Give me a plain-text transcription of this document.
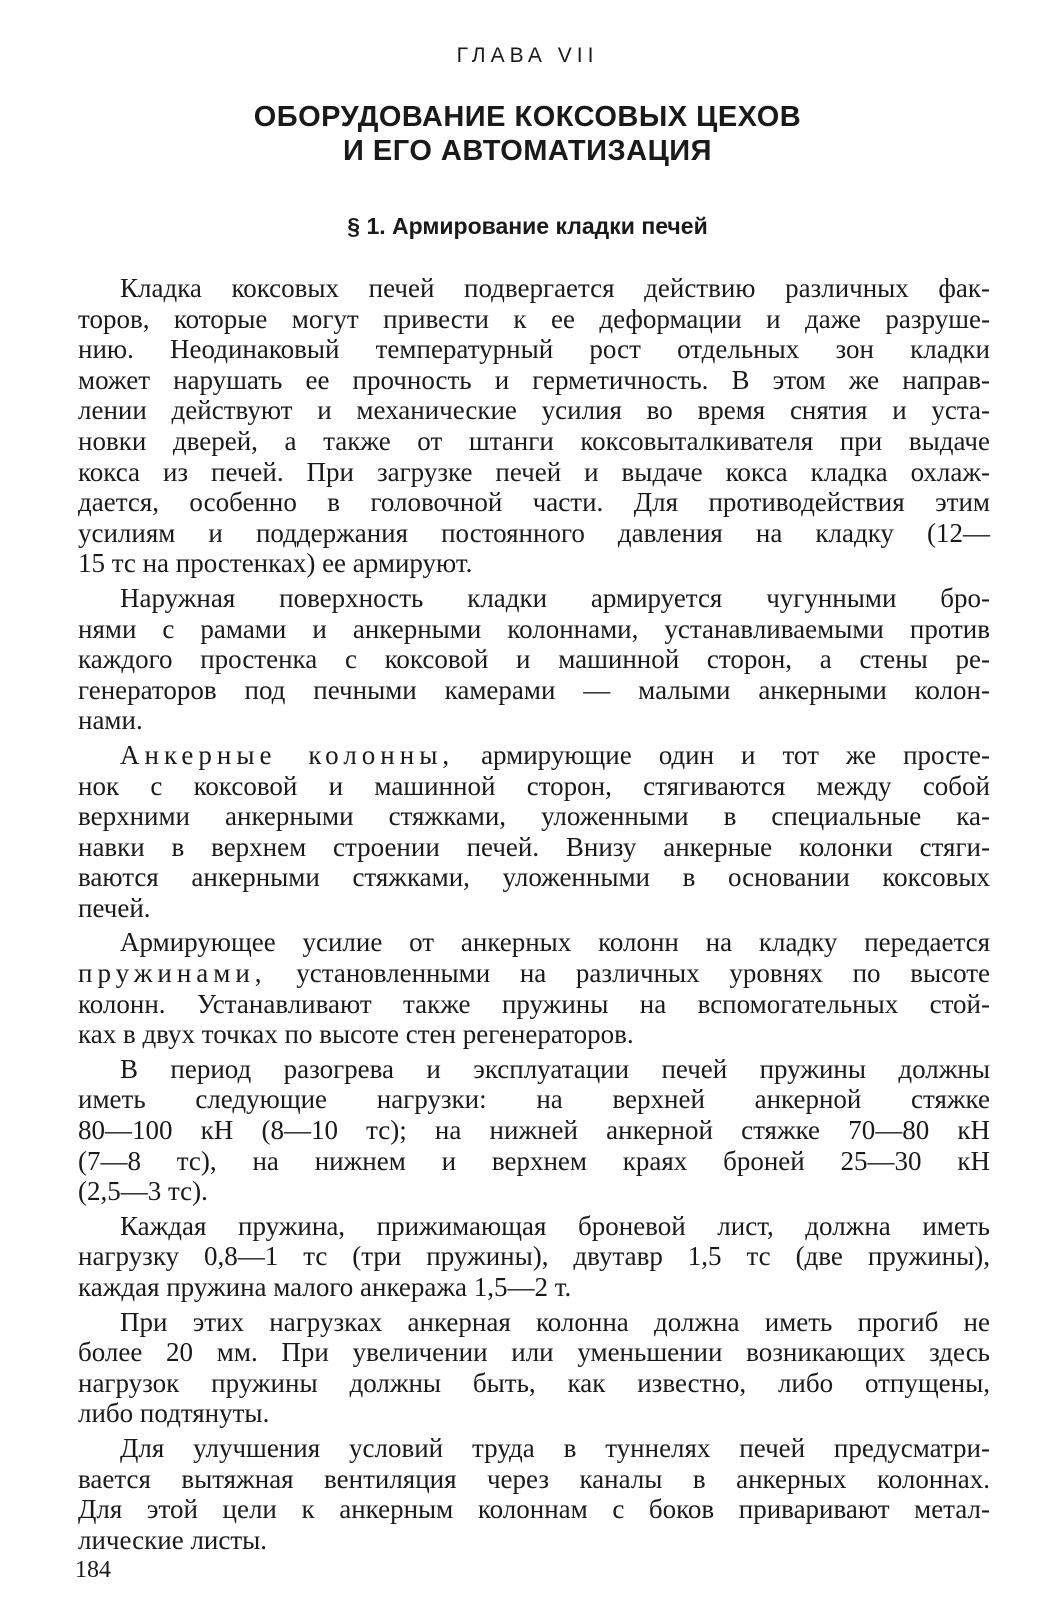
ГЛАВА VII
ОБОРУДОВАНИЕ КОКСОВЫХ ЦЕХОВ
И ЕГО АВТОМАТИЗАЦИЯ
§ 1. Армирование кладки печей
Кладка коксовых печей подвергается действию различных фак-
торов, которые могут привести к ее деформации и даже разруше-
нию. Неодинаковый температурный рост отдельных зон кладки
может нарушать ее прочность и герметичность. В этом же направ-
лении действуют и механические усилия во время снятия и уста-
новки дверей, а также от штанги коксовыталкивателя при выдаче
кокса из печей. При загрузке печей и выдаче кокса кладка охлаж-
дается, особенно в головочной части. Для противодействия этим
усилиям и поддержания постоянного давления на кладку (12—
15 тс на простенках) ее армируют.
Наружная поверхность кладки армируется чугунными бро-
нями с рамами и анкерными колоннами, устанавливаемыми против
каждого простенка с коксовой и машинной сторон, а стены ре-
генераторов под печными камерами — малыми анкерными колон-
нами.
Анкерные колонны, армирующие один и тот же простe-
нок с коксовой и машинной сторон, стягиваются между собой
верхними анкерными стяжками, уложенными в специальные ка-
навки в верхнем строении печей. Внизу анкерные колонки стяги-
ваются анкерными стяжками, уложенными в основании коксовых
печей.
Армирующее усилие от анкерных колонн на кладку передается
пружинами, установленными на различных уровнях по высоте
колонн. Устанавливают также пружины на вспомогательных стой-
ках в двух точках по высоте стен регенераторов.
В период разогрева и эксплуатации печей пружины должны
иметь следующие нагрузки: на верхней анкерной стяжке
80—100 кН (8—10 тс); на нижней анкерной стяжке 70—80 кН
(7—8 тс), на нижнем и верхнем краях броней 25—30 кН
(2,5—3 тс).
Каждая пружина, прижимающая броневой лист, должна иметь
нагрузку 0,8—1 тс (три пружины), двутавр 1,5 тс (две пружины),
каждая пружина малого анкеража 1,5—2 т.
При этих нагрузках анкерная колонна должна иметь прогиб не
более 20 мм. При увеличении или уменьшении возникающих здесь
нагрузок пружины должны быть, как известно, либо отпущены,
либо подтянуты.
Для улучшения условий труда в туннелях печей предусматри-
вается вытяжная вентиляция через каналы в анкерных колоннах.
Для этой цели к анкерным колоннам с боков приваривают метал-
лические листы.
184
